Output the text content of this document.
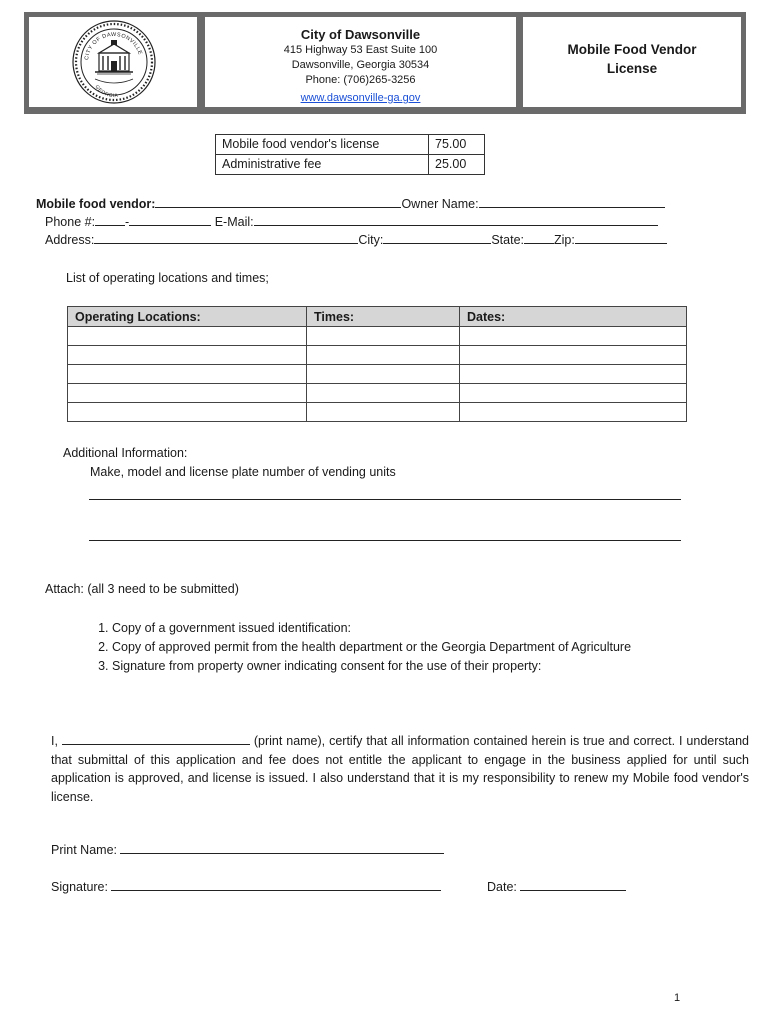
CITY OF DAWSONVILLE
GEORGIA
City of Dawsonville
415 Highway 53 East Suite 100
Dawsonville, Georgia 30534
Phone: (706)265-3256
www.dawsonville-ga.gov
Mobile Food Vendor
License
Mobile food vendor's license	75.00
Administrative fee	25.00
Mobile food vendor:	Owner Name:
Phone #: -	E-Mail:
Address:	City:	State: Zip:
List of operating locations and times;
Operating Locations:	Times:	Dates:

Additional Information:
Make, model and license plate number of vending units
Attach: (all 3 need to be submitted)
1. Copy of a government issued identification:
2. Copy of approved permit from the health department or the Georgia Department of Agriculture
3. Signature from property owner indicating consent for the use of their property:
I,	(print name), certify that all information contained herein is true and correct. I understand that submittal of this application and fee does not entitle the applicant to engage in the business applied for until such application is approved, and license is issued. I also understand that it is my responsibility to renew my Mobile food vendor's license.
Print Name:
Signature:	Date:
1
